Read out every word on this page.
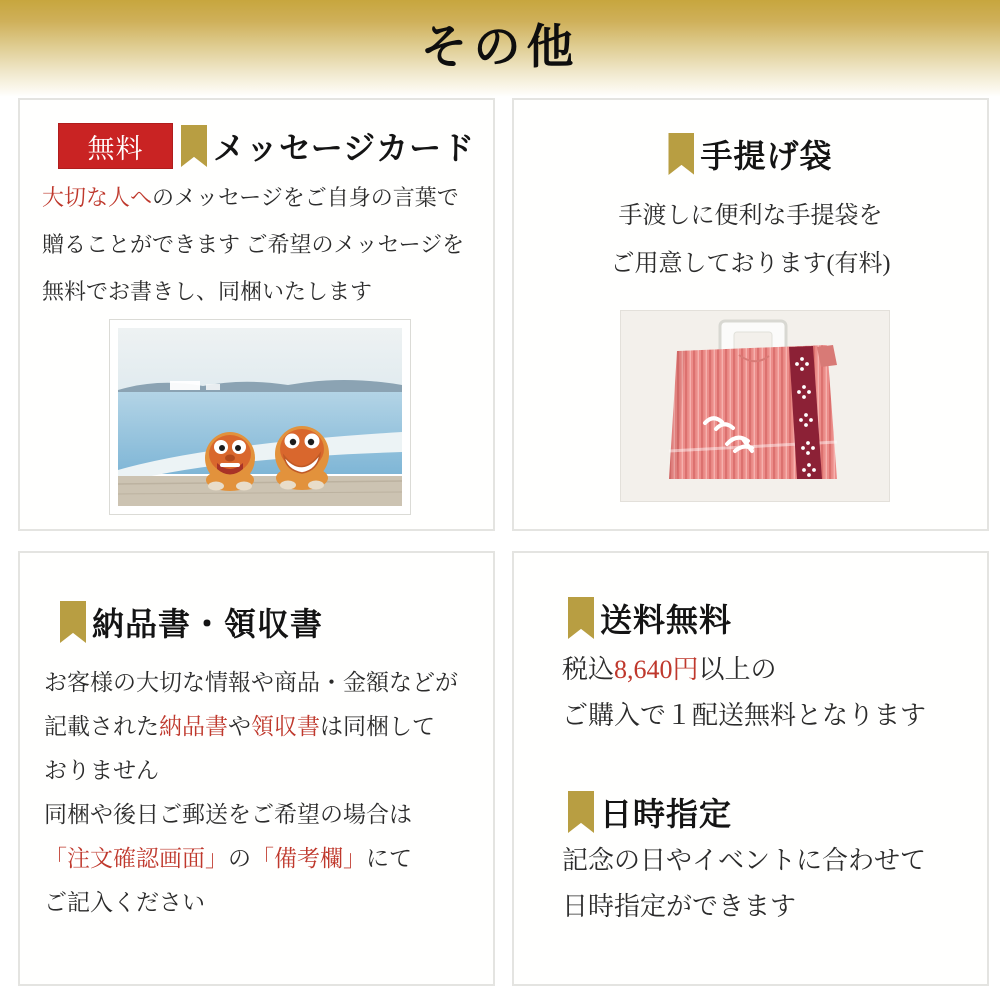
その他
無料	メッセージカード

大切な人へのメッセージをご自身の言葉で

贈ることができます ご希望のメッセージを

無料でお書きし、同梱いたします

手提げ袋

手渡しに便利な手提袋を

ご用意しております(有料)

納品書・領収書

お客様の大切な情報や商品・金額などが

記載された納品書や領収書は同梱して

おりません

同梱や後日ご郵送をご希望の場合は

「注文確認画面」の「備考欄」にて

ご記入ください

送料無料

税込8,640円以上の

ご購入で１配送無料となります

日時指定

記念の日やイベントに合わせて

日時指定ができます
